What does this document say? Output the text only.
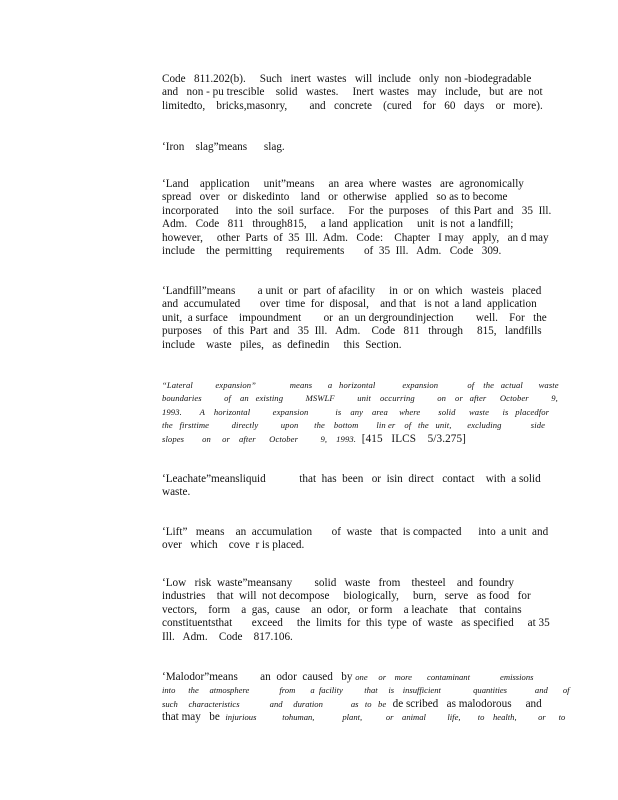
Code   811.202(b).     Such   inert  wastes   will  include   only  non -biodegradable
and   non - pu trescible    solid   wastes.     Inert  wastes   may   include,   but  are  not
limitedto,    bricks,masonry,        and   concrete    (cured    for   60   days    or   more).
‘Iron    slag”means      slag.
‘Land    application     unit”means     an  area  where  wastes   are  agronomically
spread   over   or  diskedinto    land   or  otherwise   applied   so as to become
incorporated      into  the  soil  surface.     For  the  purposes    of  this Part  and   35  Ill.
Adm.   Code   811   through815,     a land  application     unit  is not  a landfill;
however,     other  Parts  of  35  Ill.  Adm.   Code:    Chapter   I may   apply,   an d may
include    the  permitting     requirements       of  35  Ill.   Adm.   Code   309.
‘Landfill”means        a unit  or  part  of afacility     in  or  on  which   wasteis   placed
and  accumulated       over  time  for  disposal,    and that   is not  a land  application
unit,  a surface    impoundment        or  an  un dergroundinjection        well.    For   the
purposes    of  this  Part  and   35  Ill.   Adm.    Code   811   through     815,   landfills
include    waste   piles,   as  definedin     this  Section.
“Lateral          expansion”               means       a   horizontal            expansion             of    the   actual       waste
boundaries          of    an   existing          MSWLF          unit    occurring          on    or   after      October          9,
1993.        A    horizontal          expansion            is    any    area     where        solid      waste      is   placedfor
the   firsttime          directly          upon       the    bottom        lin er    of   the   unit,       excluding             side
slopes        on     or    after      October          9,    1993.  [415   ILCS    5/3.275]
‘Leachate”meansliquid            that  has  been   or  isin  direct   contact    with  a solid
waste.
‘Lift”   means    an  accumulation       of  waste   that  is compacted      into  a unit  and
over   which    cove  r is placed.
‘Low   risk  waste”meansany        solid   waste   from    thesteel    and  foundry
industries    that  will  not decompose     biologically,     burn,   serve   as food   for
vectors,    form    a  gas,  cause    an  odor,   or form    a leachate    that   contains
constituentsthat       exceed     the  limits  for  this  type  of  waste   as specified     at 35
Ill.   Adm.    Code    817.106.
‘Malodor”means        an  odor  caused   by one     or    more       contaminant              emissions
into      the     atmosphere              from       a  facility          that     is    insufficient               quantities             and       of
such     characteristics              and     duration             as   to   be   de scribed   as malodorous     and
that may   be  injurious            tohuman,             plant,           or    animal          life,        to    health,          or      to
